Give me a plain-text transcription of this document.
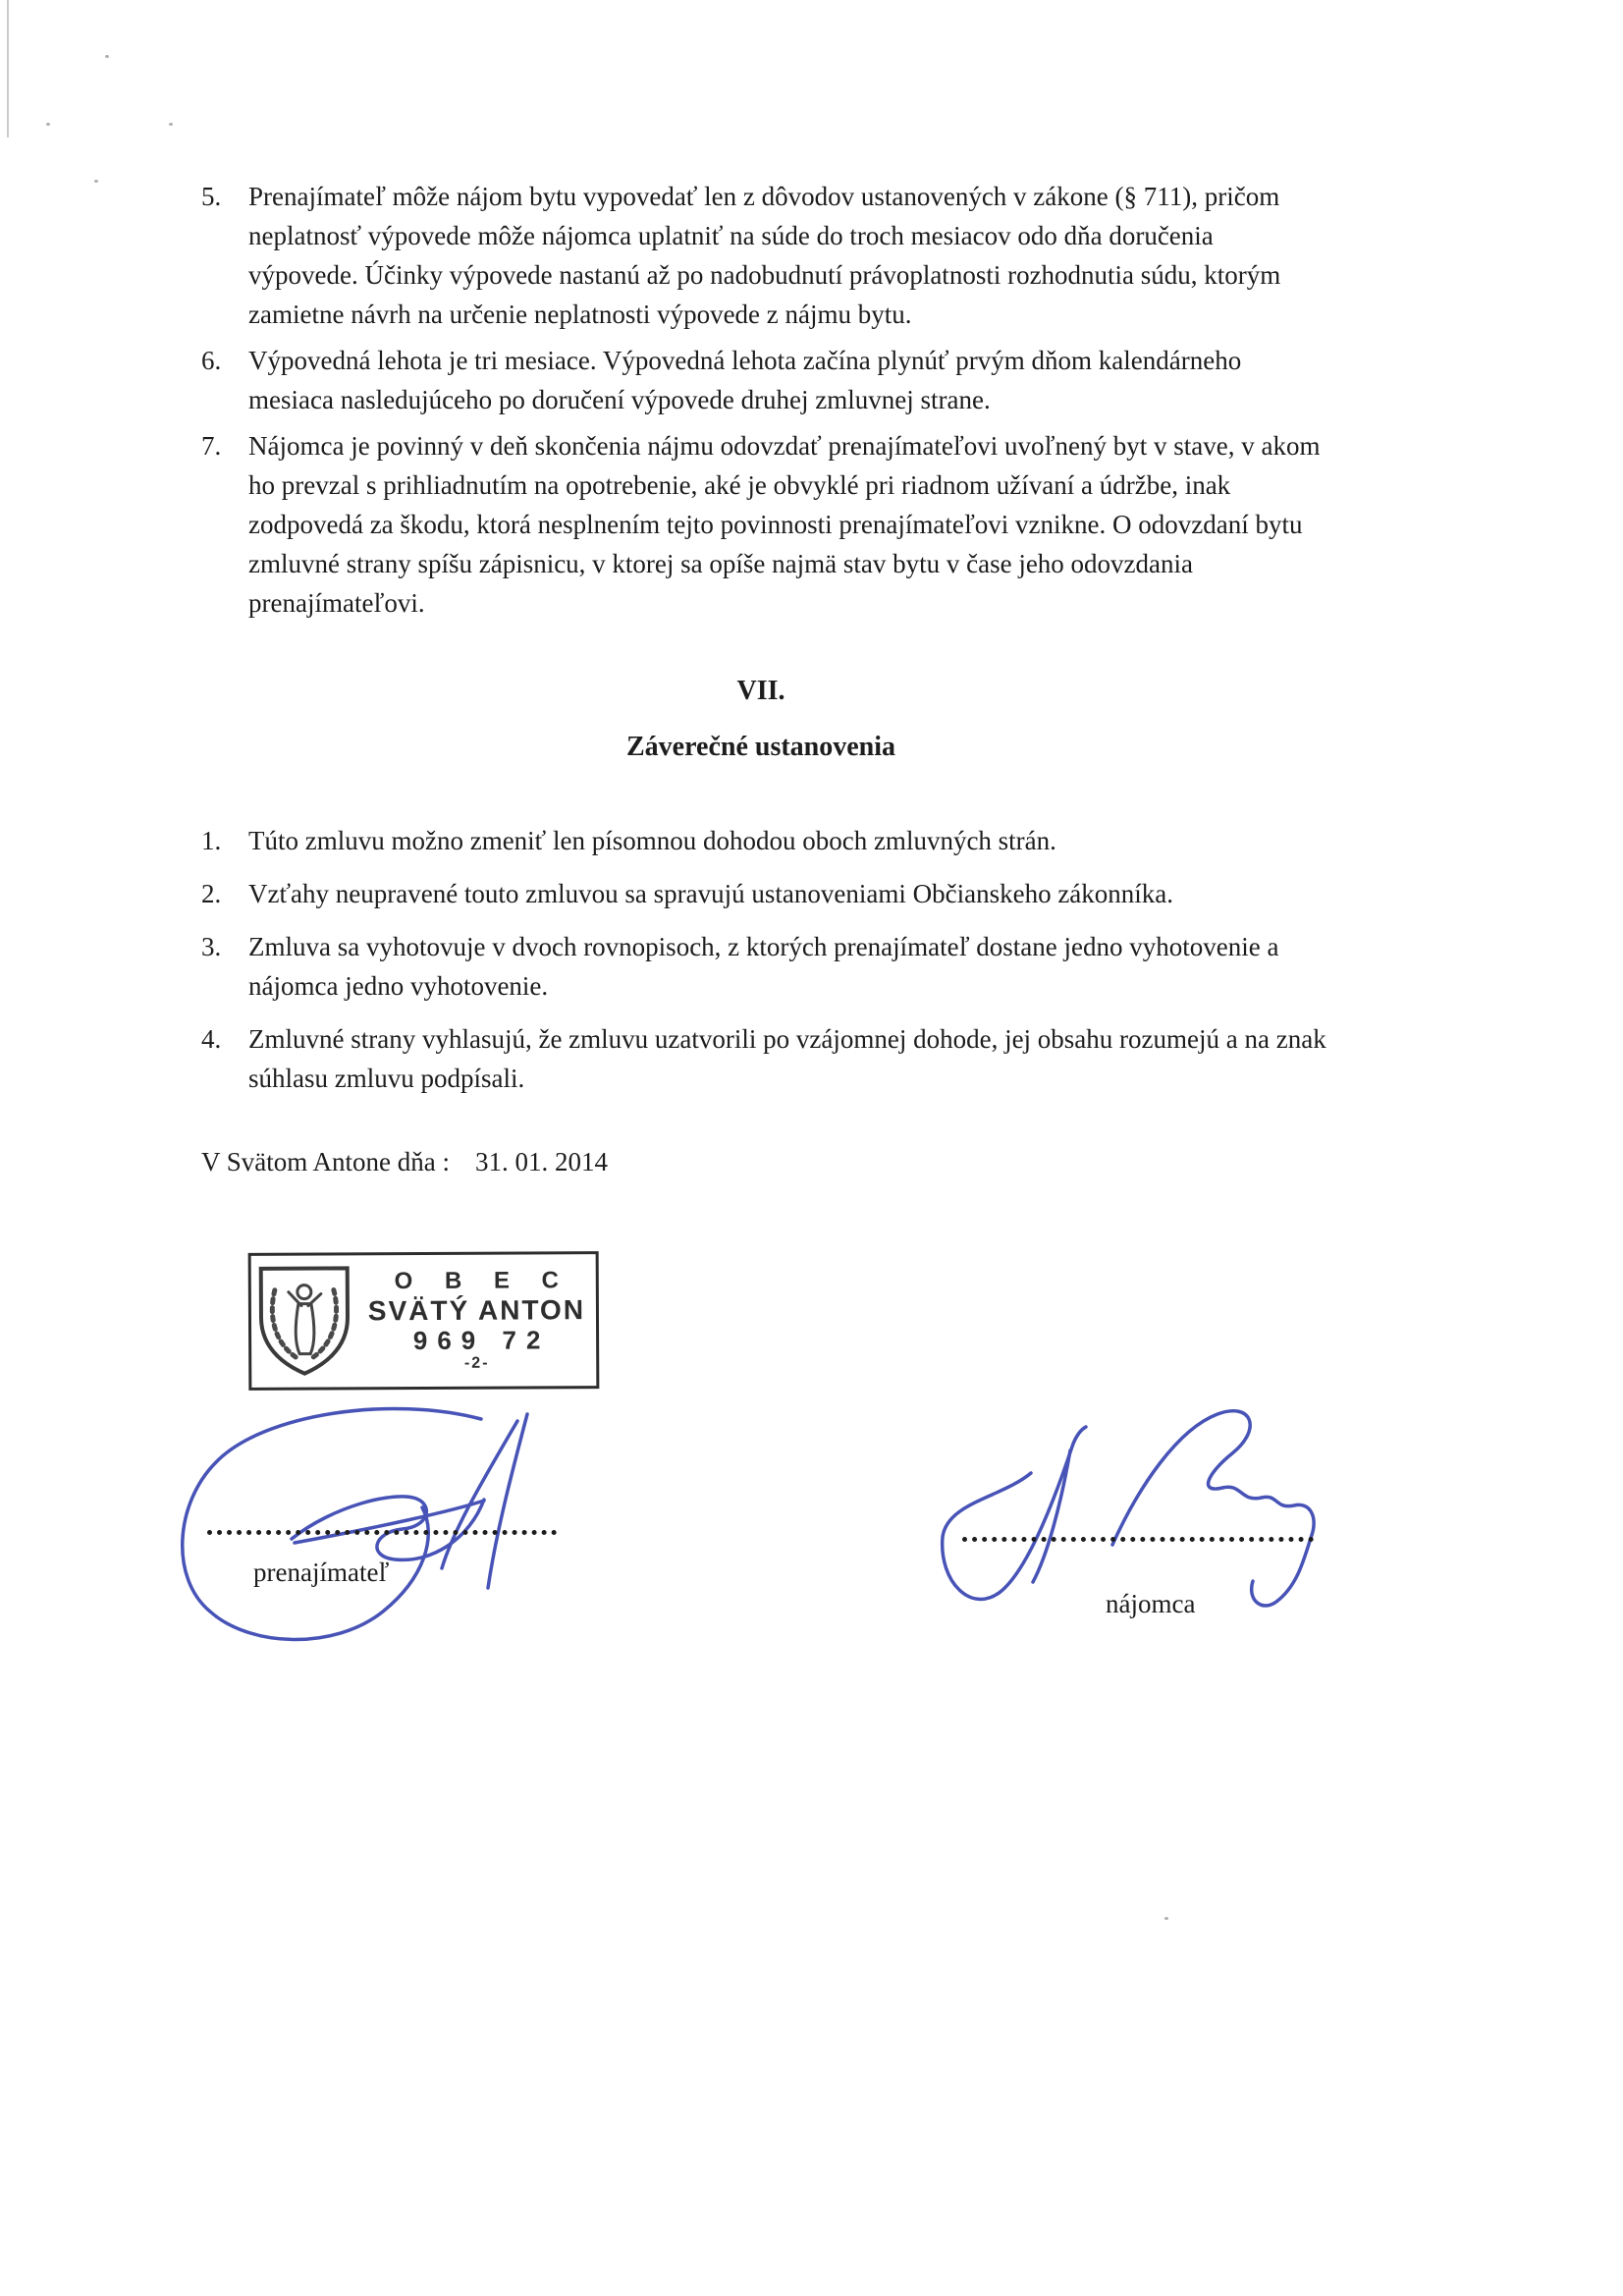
5.	Prenajímateľ môže nájom bytu vypovedať len z dôvodov ustanovených v zákone (§ 711), pričom neplatnosť výpovede môže nájomca uplatniť na súde do troch mesiacov odo dňa doručenia výpovede. Účinky výpovede nastanú až po nadobudnutí právoplatnosti rozhodnutia súdu, ktorým zamietne návrh na určenie neplatnosti výpovede z nájmu bytu.
6.	Výpovedná lehota je tri mesiace. Výpovedná lehota začína plynúť prvým dňom kalendárneho mesiaca nasledujúceho po doručení výpovede druhej zmluvnej strane.
7.	Nájomca je povinný v deň skončenia nájmu odovzdať prenajímateľovi uvoľnený byt v stave, v akom ho prevzal s prihliadnutím na opotrebenie, aké je obvyklé pri riadnom užívaní a údržbe, inak zodpovedá za škodu, ktorá nesplnením tejto povinnosti prenajímateľovi vznikne. O odovzdaní bytu zmluvné strany spíšu zápisnicu, v ktorej sa opíše najmä stav bytu v čase jeho odovzdania prenajímateľovi.
VII.
Záverečné ustanovenia
1.	Túto zmluvu možno zmeniť len písomnou dohodou oboch zmluvných strán.
2.	Vzťahy neupravené touto zmluvou sa spravujú ustanoveniami Občianskeho zákonníka.
3.	Zmluva sa vyhotovuje v dvoch rovnopisoch, z ktorých prenajímateľ dostane jedno vyhotovenie a nájomca jedno vyhotovenie.
4.	Zmluvné strany vyhlasujú, že zmluvu uzatvorili po vzájomnej dohode, jej obsahu rozumejú a na znak súhlasu zmluvu podpísali.
V Svätom Antone dňa : 31. 01. 2014
O B E C
SVÄTÝ ANTON
969 72
-2-
prenajímateľ
nájomca
